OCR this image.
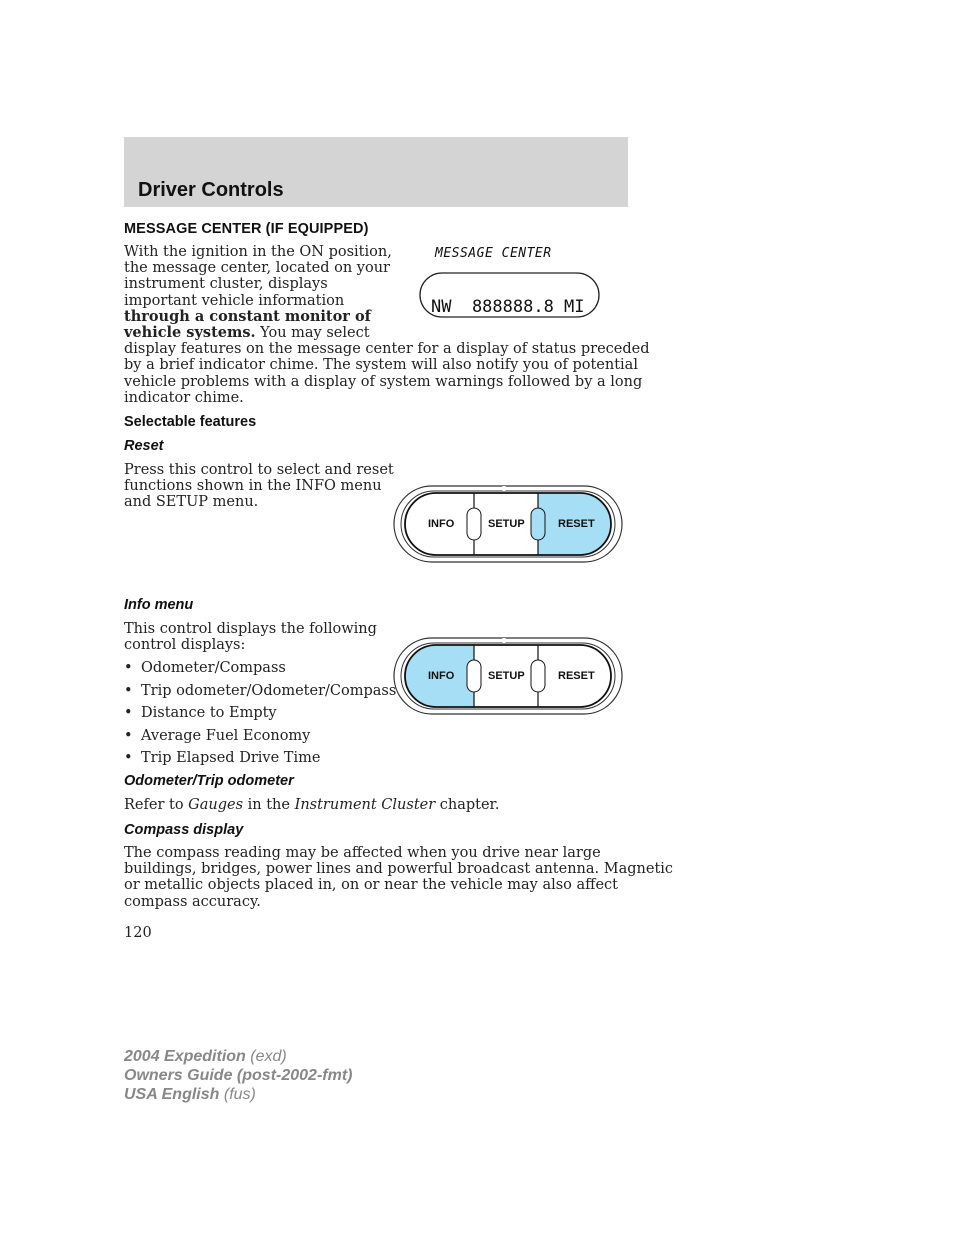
Driver Controls
MESSAGE CENTER (IF EQUIPPED)
With the ignition in the ON position,
the message center, located on your
instrument cluster, displays
important vehicle information
through a constant monitor of
vehicle systems. You may select
display features on the message center for a display of status preceded
by a brief indicator chime. The system will also notify you of potential
vehicle problems with a display of system warnings followed by a long
indicator chime.
MESSAGE CENTER
NW  888888.8 MI
Selectable features
Reset
Press this control to select and reset
functions shown in the INFO menu
and SETUP menu.
INFO	SETUP	RESET
Info menu
This control displays the following
control displays:
• Odometer/Compass
• Trip odometer/Odometer/Compass
• Distance to Empty
• Average Fuel Economy
• Trip Elapsed Drive Time
INFO	SETUP	RESET
Odometer/Trip odometer
Refer to Gauges in the Instrument Cluster chapter.
Compass display
The compass reading may be affected when you drive near large
buildings, bridges, power lines and powerful broadcast antenna. Magnetic
or metallic objects placed in, on or near the vehicle may also affect
compass accuracy.
120
2004 Expedition (exd)
Owners Guide (post-2002-fmt)
USA English (fus)
